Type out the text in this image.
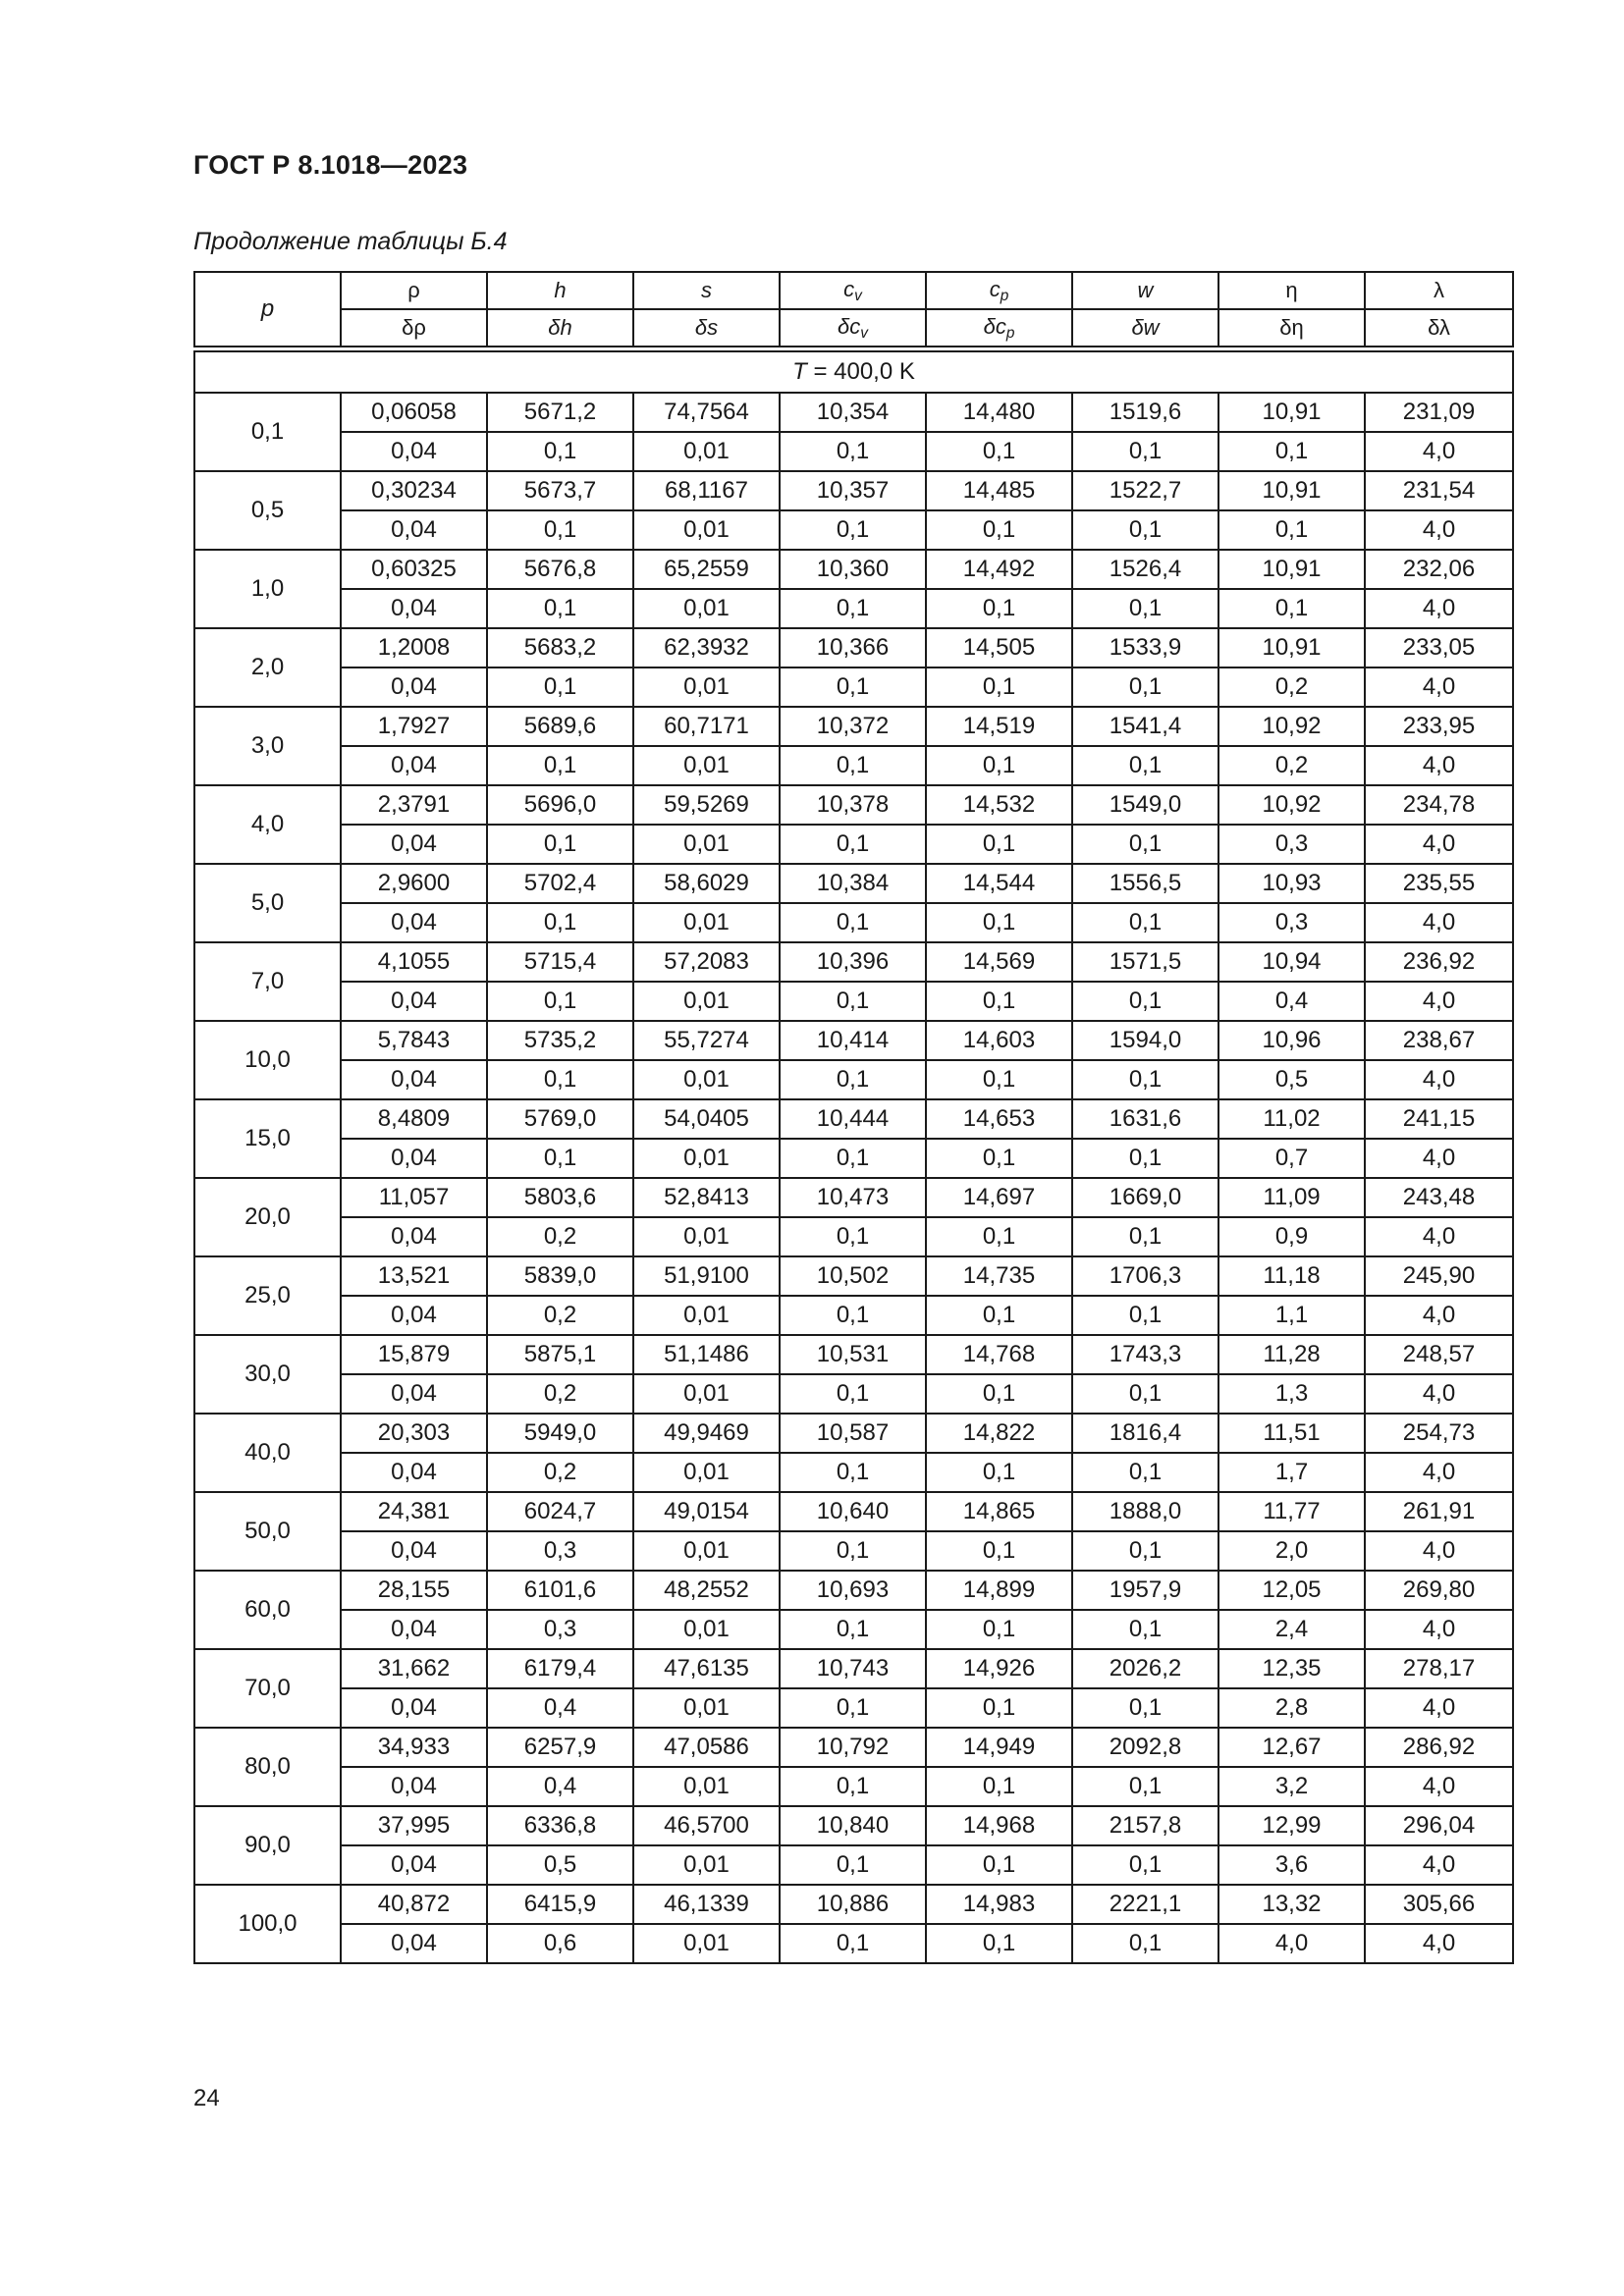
ГОСТ Р 8.1018—2023
Продолжение таблицы Б.4
p	ρ	h	s	$c_v$	$c_p$	w	η	λ
	δρ	δh	δs	$\delta c_v$	$\delta c_p$	δw	δη	δλ

T = 400,0 K								
0,1	0,06058	5671,2	74,7564	10,354	14,480	1519,6	10,91	231,09
	0,04	0,1	0,01	0,1	0,1	0,1	0,1	4,0
0,5	0,30234	5673,7	68,1167	10,357	14,485	1522,7	10,91	231,54
	0,04	0,1	0,01	0,1	0,1	0,1	0,1	4,0
1,0	0,60325	5676,8	65,2559	10,360	14,492	1526,4	10,91	232,06
	0,04	0,1	0,01	0,1	0,1	0,1	0,1	4,0
2,0	1,2008	5683,2	62,3932	10,366	14,505	1533,9	10,91	233,05
	0,04	0,1	0,01	0,1	0,1	0,1	0,2	4,0
3,0	1,7927	5689,6	60,7171	10,372	14,519	1541,4	10,92	233,95
	0,04	0,1	0,01	0,1	0,1	0,1	0,2	4,0
4,0	2,3791	5696,0	59,5269	10,378	14,532	1549,0	10,92	234,78
	0,04	0,1	0,01	0,1	0,1	0,1	0,3	4,0
5,0	2,9600	5702,4	58,6029	10,384	14,544	1556,5	10,93	235,55
	0,04	0,1	0,01	0,1	0,1	0,1	0,3	4,0
7,0	4,1055	5715,4	57,2083	10,396	14,569	1571,5	10,94	236,92
	0,04	0,1	0,01	0,1	0,1	0,1	0,4	4,0
10,0	5,7843	5735,2	55,7274	10,414	14,603	1594,0	10,96	238,67
	0,04	0,1	0,01	0,1	0,1	0,1	0,5	4,0
15,0	8,4809	5769,0	54,0405	10,444	14,653	1631,6	11,02	241,15
	0,04	0,1	0,01	0,1	0,1	0,1	0,7	4,0
20,0	11,057	5803,6	52,8413	10,473	14,697	1669,0	11,09	243,48
	0,04	0,2	0,01	0,1	0,1	0,1	0,9	4,0
25,0	13,521	5839,0	51,9100	10,502	14,735	1706,3	11,18	245,90
	0,04	0,2	0,01	0,1	0,1	0,1	1,1	4,0
30,0	15,879	5875,1	51,1486	10,531	14,768	1743,3	11,28	248,57
	0,04	0,2	0,01	0,1	0,1	0,1	1,3	4,0
40,0	20,303	5949,0	49,9469	10,587	14,822	1816,4	11,51	254,73
	0,04	0,2	0,01	0,1	0,1	0,1	1,7	4,0
50,0	24,381	6024,7	49,0154	10,640	14,865	1888,0	11,77	261,91
	0,04	0,3	0,01	0,1	0,1	0,1	2,0	4,0
60,0	28,155	6101,6	48,2552	10,693	14,899	1957,9	12,05	269,80
	0,04	0,3	0,01	0,1	0,1	0,1	2,4	4,0
70,0	31,662	6179,4	47,6135	10,743	14,926	2026,2	12,35	278,17
	0,04	0,4	0,01	0,1	0,1	0,1	2,8	4,0
80,0	34,933	6257,9	47,0586	10,792	14,949	2092,8	12,67	286,92
	0,04	0,4	0,01	0,1	0,1	0,1	3,2	4,0
90,0	37,995	6336,8	46,5700	10,840	14,968	2157,8	12,99	296,04
	0,04	0,5	0,01	0,1	0,1	0,1	3,6	4,0
100,0	40,872	6415,9	46,1339	10,886	14,983	2221,1	13,32	305,66
	0,04	0,6	0,01	0,1	0,1	0,1	4,0	4,0
24
